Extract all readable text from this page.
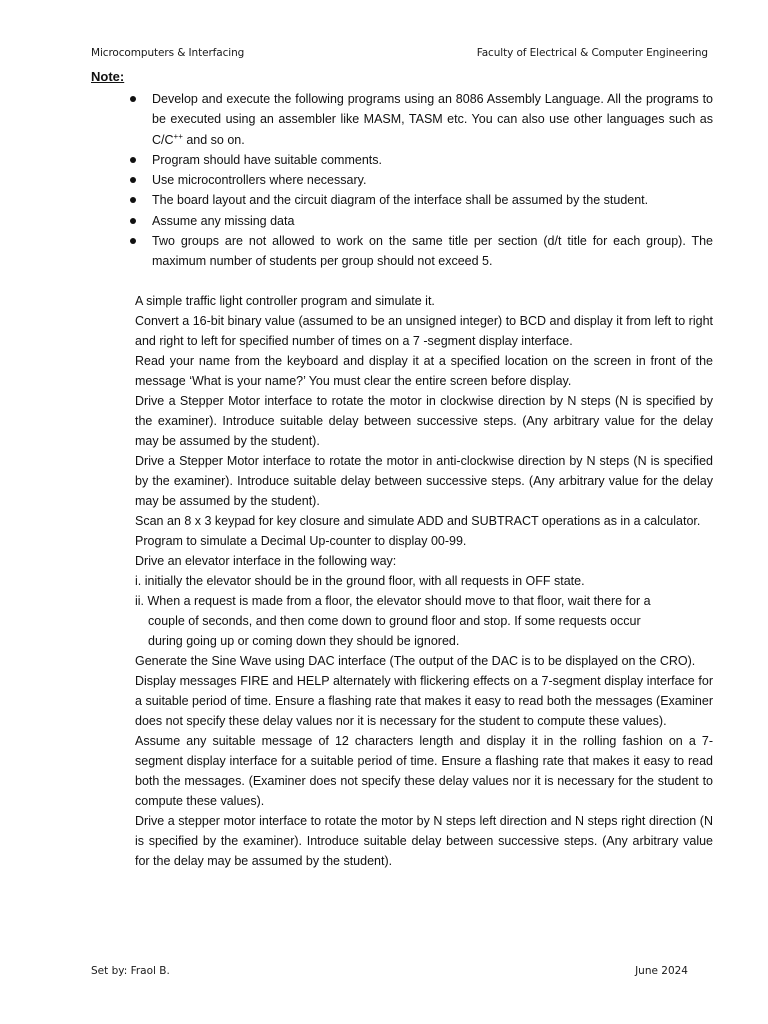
Microcomputers & Interfacing	Faculty of Electrical & Computer Engineering
Note:
Develop and execute the following programs using an 8086 Assembly Language. All the programs to be executed using an assembler like MASM, TASM etc. You can also use other languages such as C/C++ and so on.
Program should have suitable comments.
Use microcontrollers where necessary.
The board layout and the circuit diagram of the interface shall be assumed by the student.
Assume any missing data
Two groups are not allowed to work on the same title per section (d/t title for each group). The maximum number of students per group should not exceed 5.

A simple traffic light controller program and simulate it.

Convert a 16-bit binary value (assumed to be an unsigned integer) to BCD and display it from left to right and right to left for specified number of times on a 7 -segment display interface.

Read your name from the keyboard and display it at a specified location on the screen in front of the message ‘What is your name?’ You must clear the entire screen before display.

Drive a Stepper Motor interface to rotate the motor in clockwise direction by N steps (N is specified by the examiner). Introduce suitable delay between successive steps. (Any arbitrary value for the delay may be assumed by the student).

Drive a Stepper Motor interface to rotate the motor in anti-clockwise direction by N steps (N is specified by the examiner). Introduce suitable delay between successive steps. (Any arbitrary value for the delay may be assumed by the student).

Scan an 8 x 3 keypad for key closure and simulate ADD and SUBTRACT operations as in a calculator.

Program to simulate a Decimal Up-counter to display 00-99.

Drive an elevator interface in the following way:

i. initially the elevator should be in the ground floor, with all requests in OFF state.

ii. When a request is made from a floor, the elevator should move to that floor, wait there for a

couple of seconds, and then come down to ground floor and stop. If some requests occur

during going up or coming down they should be ignored.

Generate the Sine Wave using DAC interface (The output of the DAC is to be displayed on the CRO).

Display messages FIRE and HELP alternately with flickering effects on a 7-segment display interface for a suitable period of time. Ensure a flashing rate that makes it easy to read both the messages (Examiner does not specify these delay values nor it is necessary for the student to compute these values).

Assume any suitable message of 12 characters length and display it in the rolling fashion on a 7-segment display interface for a suitable period of time. Ensure a flashing rate that makes it easy to read both the messages. (Examiner does not specify these delay values nor it is necessary for the student to compute these values).

Drive a stepper motor interface to rotate the motor by N steps left direction and N steps right direction (N is specified by the examiner). Introduce suitable delay between successive steps. (Any arbitrary value for the delay may be assumed by the student).

Set by: Fraol B.	June 2024
